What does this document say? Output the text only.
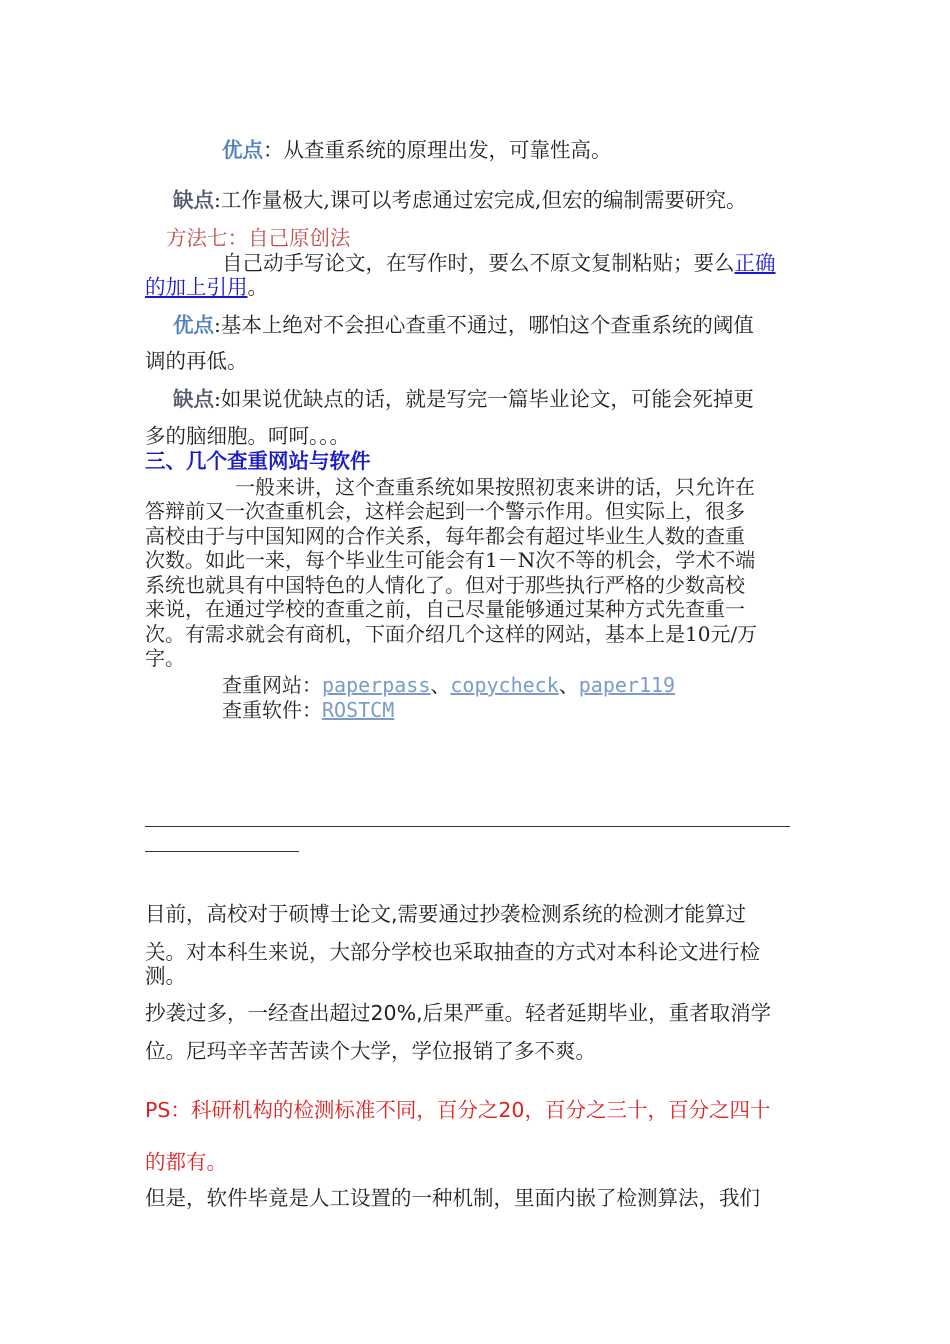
优点：从查重系统的原理出发，可靠性高。
缺点:工作量极大,课可以考虑通过宏完成,但宏的编制需要研究。
方法七：自己原创法
自己动手写论文，在写作时，要么不原文复制粘贴；要么正确
的加上引用。
优点:基本上绝对不会担心查重不通过，哪怕这个查重系统的阈值
调的再低。
缺点:如果说优缺点的话，就是写完一篇毕业论文，可能会死掉更
多的脑细胞。呵呵。。。
三、几个查重网站与软件
一般来讲，这个查重系统如果按照初衷来讲的话，只允许在
答辩前又一次查重机会，这样会起到一个警示作用。但实际上，很多
高校由于与中国知网的合作关系，每年都会有超过毕业生人数的查重
次数。如此一来，每个毕业生可能会有1－N次不等的机会，学术不端
系统也就具有中国特色的人情化了。但对于那些执行严格的少数高校
来说，在通过学校的查重之前，自己尽量能够通过某种方式先查重一
次。有需求就会有商机，下面介绍几个这样的网站，基本上是10元/万
字。
查重网站：paperpass、copycheck、paper119
查重软件：ROSTCM
目前，高校对于硕博士论文,需要通过抄袭检测系统的检测才能算过
关。对本科生来说，大部分学校也采取抽查的方式对本科论文进行检
测。
抄袭过多，一经查出超过20%,后果严重。轻者延期毕业，重者取消学
位。尼玛辛辛苦苦读个大学，学位报销了多不爽。
PS：科研机构的检测标准不同，百分之20，百分之三十，百分之四十
的都有。
但是，软件毕竟是人工设置的一种机制，里面内嵌了检测算法，我们
